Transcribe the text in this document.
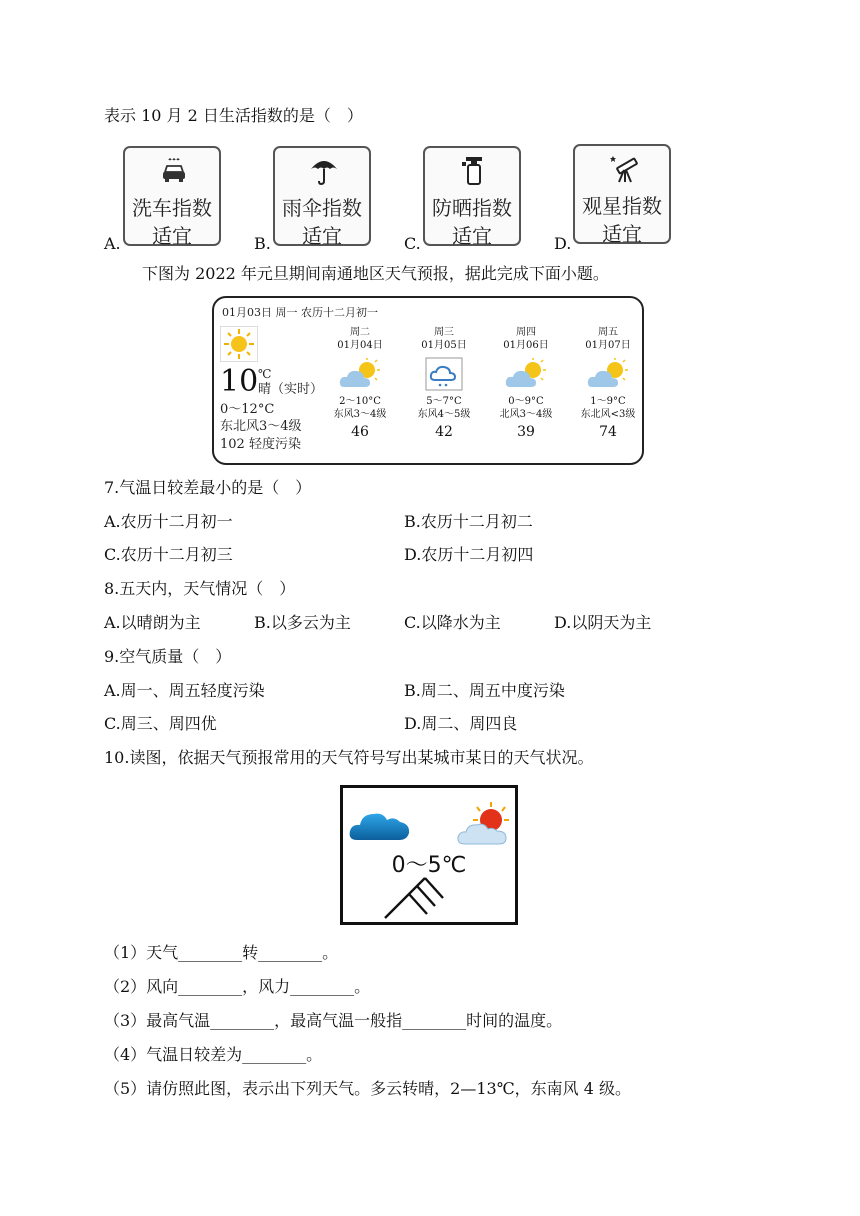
表示 10 月 2 日生活指数的是（　）
A.
洗车指数
适宜	B.
雨伞指数
适宜	C.
防晒指数
适宜	D.
观星指数
适宜
下图为 2022 年元旦期间南通地区天气预报，据此完成下面小题。
01月03日 周一 农历十二月初一
10 ℃
晴（实时）
0～12°C
东北风3～4级
102 轻度污染
周二
01月04日
2～10°C
东风3～4级
46
周三
01月05日
5～7°C
东风4～5级
42
周四
01月06日
0～9°C
北风3～4级
39
周五
01月07日
1～9°C
东北风<3级
74
7.气温日较差最小的是（　）
A.农历十二月初一	B.农历十二月初二
C.农历十二月初三	D.农历十二月初四
8.五天内，天气情况（　）
A.以晴朗为主	B.以多云为主	C.以降水为主	D.以阴天为主
9.空气质量（　）
A.周一、周五轻度污染	B.周二、周五中度污染
C.周三、周四优	D.周二、周四良
10.读图，依据天气预报常用的天气符号写出某城市某日的天气状况。
0～5℃
（1）天气________转________。
（2）风向________，风力________。
（3）最高气温________，最高气温一般指________时间的温度。
（4）气温日较差为________。
（5）请仿照此图，表示出下列天气。多云转晴，2—13℃，东南风 4 级。
